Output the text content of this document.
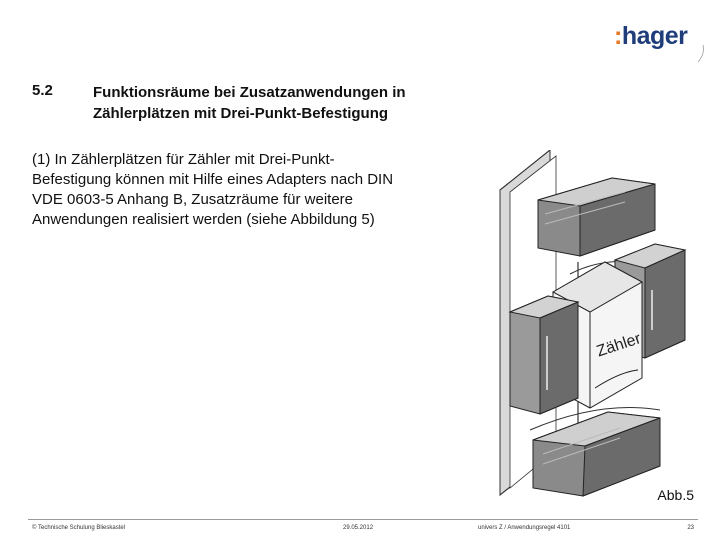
:hager
5.2	Funktionsräume bei Zusatzanwendungen in
Zählerplätzen mit Drei-Punkt-Befestigung
(1) In Zählerplätzen für Zähler mit Drei-Punkt-
Befestigung können mit Hilfe eines Adapters nach DIN
VDE 0603-5 Anhang B, Zusatzräume für weitere
Anwendungen realisiert werden (siehe Abbildung 5)
Zähler
Abb.5
© Technische Schulung Blieskastel	29.05.2012	univers Z / Anwendungsregel 4101	23
